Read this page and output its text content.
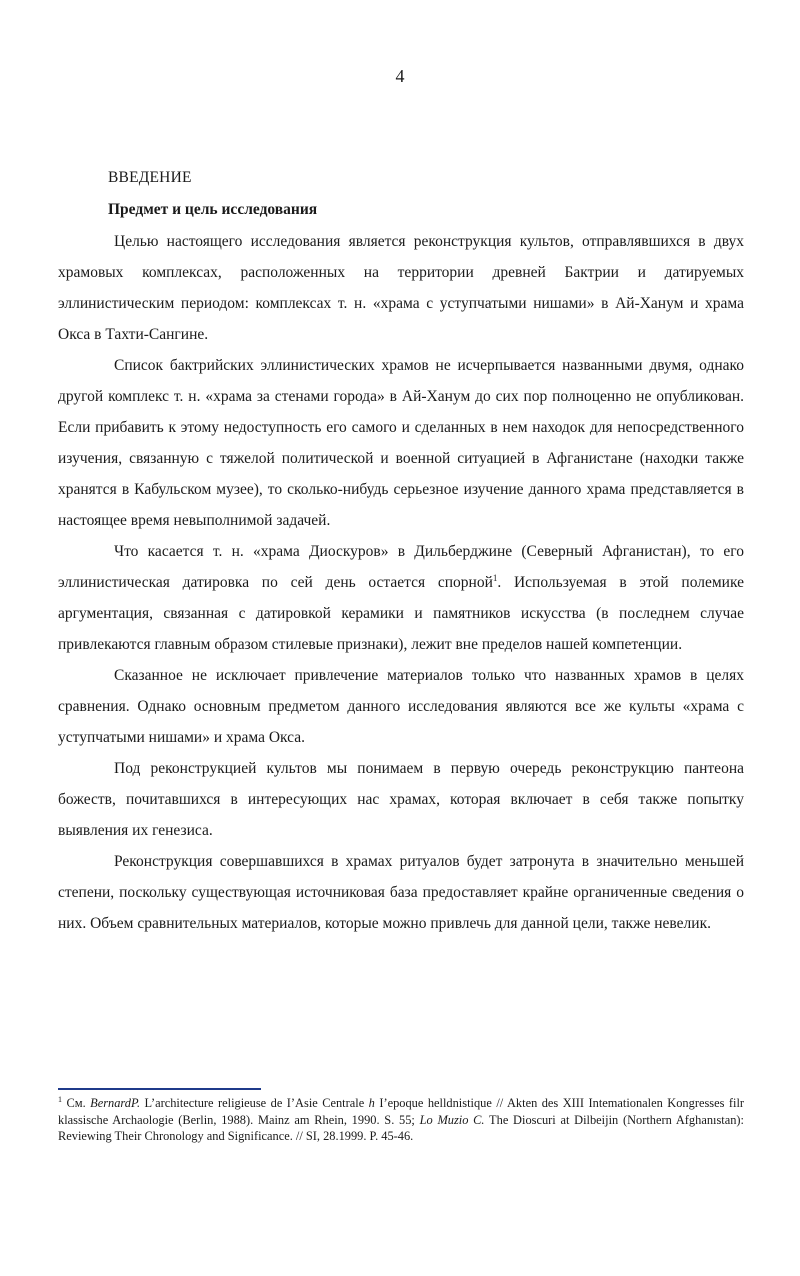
4
ВВЕДЕНИЕ
Предмет и цель исследования

Целью настоящего исследования является реконструкция культов, отправлявшихся в двух храмовых комплексах, расположенных на территории древней Бактрии и датируемых эллинистическим периодом: комплексах т. н. «храма с уступчатыми нишами» в Ай-Ханум и храма Окса в Тахти-Сангине.

Список бактрийских эллинистических храмов не исчерпывается названными двумя, однако другой комплекс т. н. «храма за стенами города» в Ай-Ханум до сих пор полноценно не опубликован. Если прибавить к этому недоступность его самого и сделанных в нем находок для непосредственного изучения, связанную с тяжелой политической и военной ситуацией в Афганистане (находки также хранятся в Кабульском музее), то сколько-нибудь серьезное изучение данного храма представляется в настоящее время невыполнимой задачей.

Что касается т. н. «храма Диоскуров» в Дильберджине (Северный Афганистан), то его эллинистическая датировка по сей день остается спорной$^1$. Используемая в этой полемике аргументация, связанная с датировкой керамики и памятников искусства (в последнем случае привлекаются главным образом стилевые признаки), лежит вне пределов нашей компетенции.

Сказанное не исключает привлечение материалов только что названных храмов в целях сравнения. Однако основным предметом данного исследования являются все же культы «храма с уступчатыми нишами» и храма Окса.

Под реконструкцией культов мы понимаем в первую очередь реконструкцию пантеона божеств, почитавшихся в интересующих нас храмах, которая включает в себя также попытку выявления их генезиса.

Реконструкция совершавшихся в храмах ритуалов будет затронута в значительно меньшей степени, поскольку существующая источниковая база предоставляет крайне органиченные сведения о них. Объем сравнительных материалов, которые можно привлечь для данной цели, также невелик.

$^1$ См. BernardP. L’architecture religieuse de I’Asie Centrale h I’epoque helldnistique // Akten des XIII Intemationalen Kongresses filr klassische Archaologie (Berlin, 1988). Mainz am Rhein, 1990. S. 55; Lo Muzio C. The Dioscuri at Dilbeijin (Northern Afghanıstan): Reviewing Their Chronology and Significance. // SI, 28.1999. P. 45-46.
